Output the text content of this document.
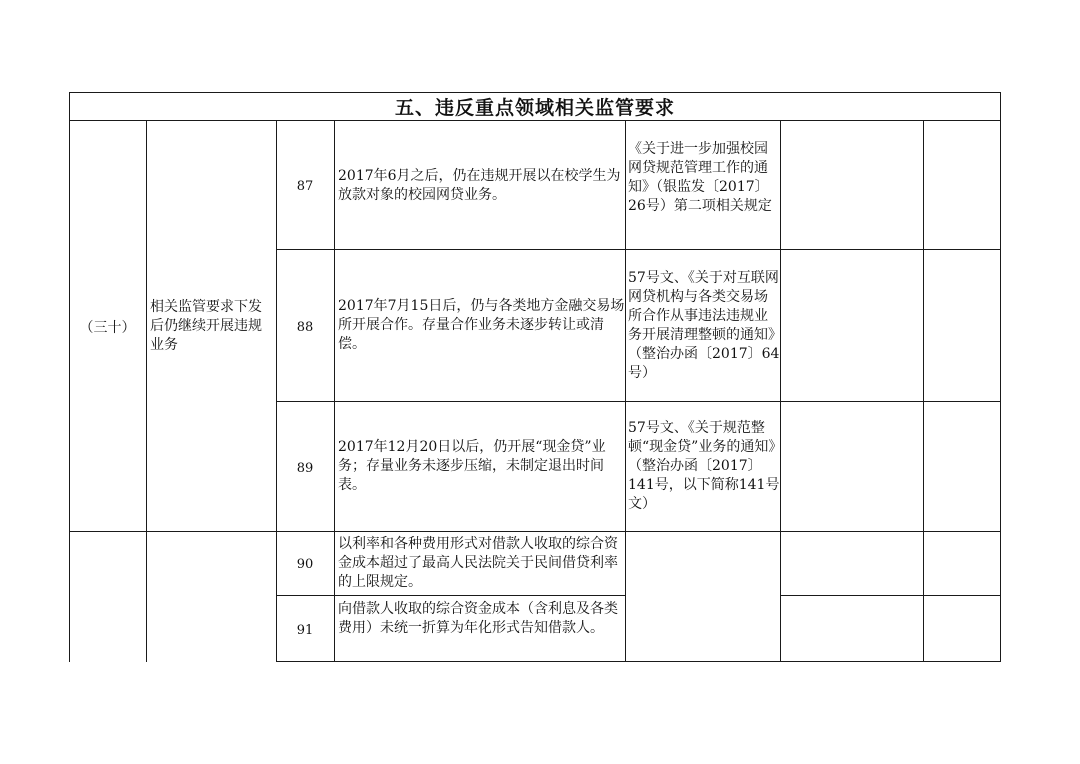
五、违反重点领域相关监管要求
（三十）
相关监管要求下发后仍继续开展违规业务
87
2017年6月之后，仍在违规开展以在校学生为放款对象的校园网贷业务。
《关于进一步加强校园网贷规范管理工作的通知》（银监发〔2017〕26号）第二项相关规定
88
2017年7月15日后，仍与各类地方金融交易场所开展合作。存量合作业务未逐步转让或清偿。
57号文、《关于对互联网网贷机构与各类交易场所合作从事违法违规业务开展清理整顿的通知》（整治办函〔2017〕64号）
89
2017年12月20日以后，仍开展“现金贷”业务；存量业务未逐步压缩，未制定退出时间表。
57号文、《关于规范整顿“现金贷”业务的通知》（整治办函〔2017〕141号，以下简称141号文）
90
以利率和各种费用形式对借款人收取的综合资金成本超过了最高人民法院关于民间借贷利率的上限规定。
91
向借款人收取的综合资金成本（含利息及各类费用）未统一折算为年化形式告知借款人。
